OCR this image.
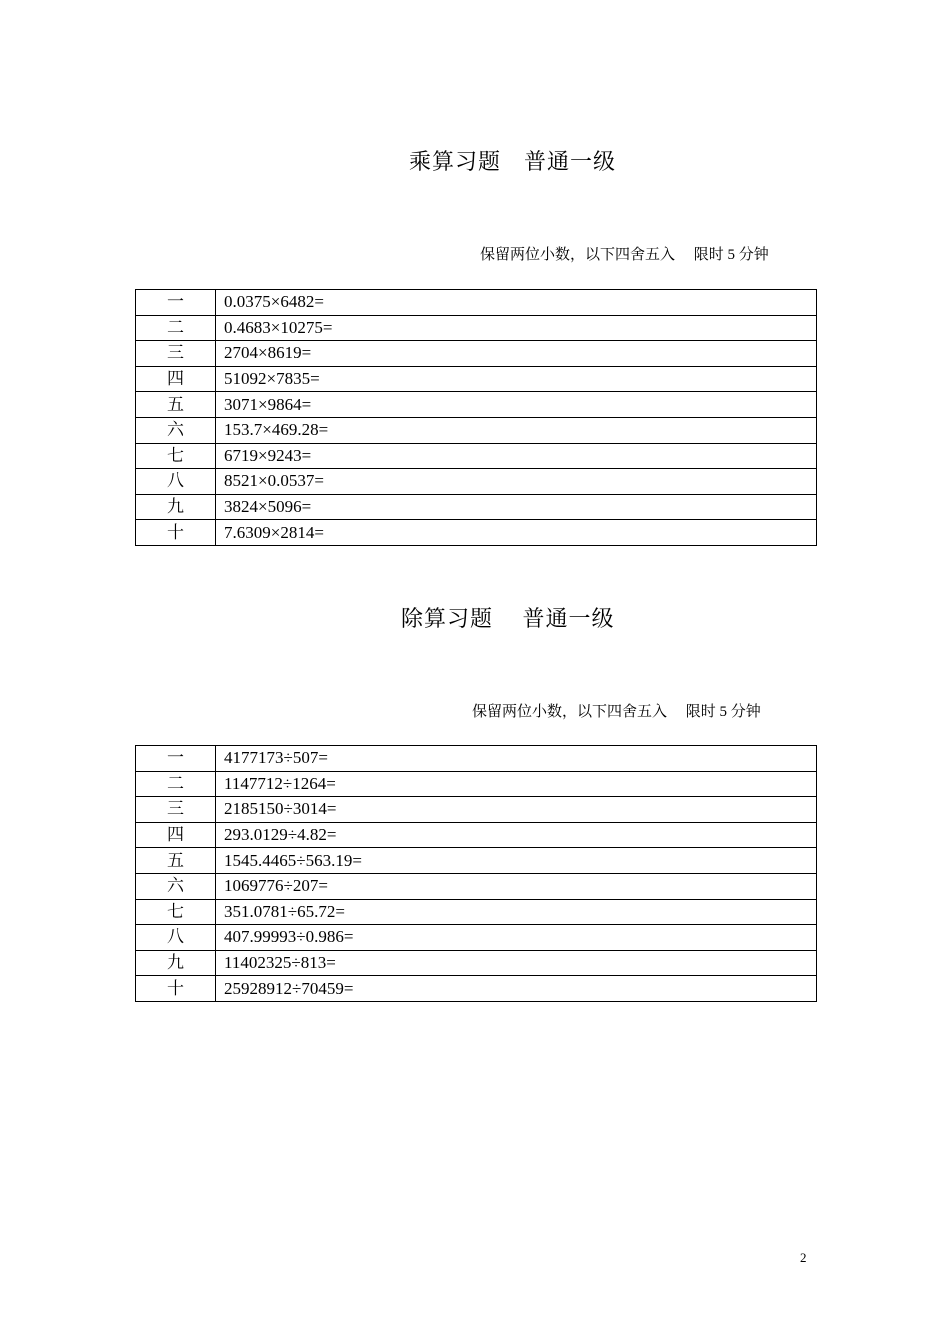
乘算习题　普通一级
保留两位小数，以下四舍五入　 限时 5 分钟
一	0.0375×6482=
二	0.4683×10275=
三	2704×8619=
四	51092×7835=
五	3071×9864=
六	153.7×469.28=
七	6719×9243=
八	8521×0.0537=
九	3824×5096=
十	7.6309×2814=
除算习题　 普通一级
保留两位小数，以下四舍五入　 限时 5 分钟
一	4177173÷507=
二	1147712÷1264=
三	2185150÷3014=
四	293.0129÷4.82=
五	1545.4465÷563.19=
六	1069776÷207=
七	351.0781÷65.72=
八	407.99993÷0.986=
九	11402325÷813=
十	25928912÷70459=
2
